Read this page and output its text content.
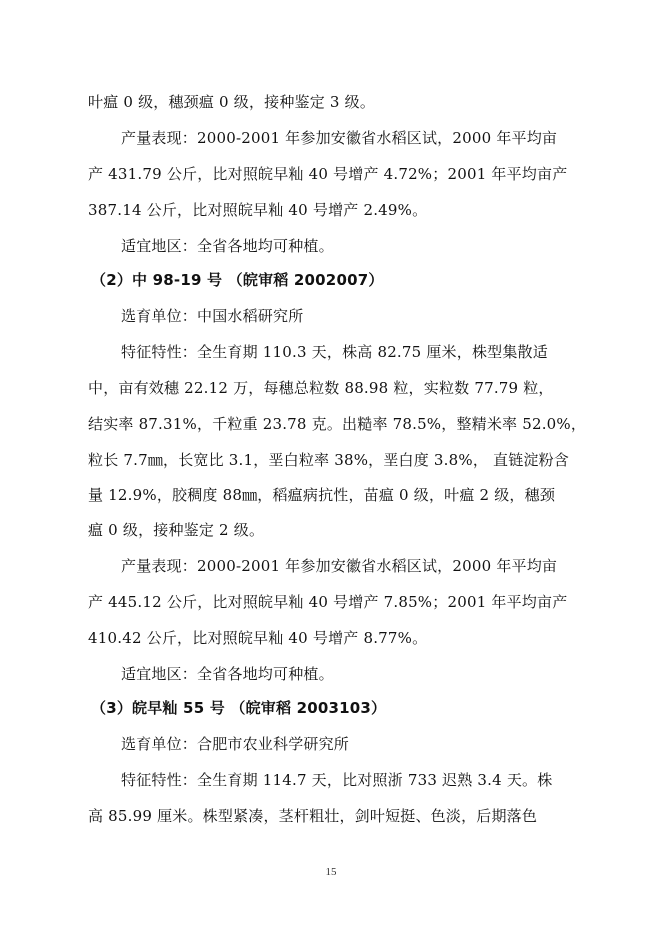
叶瘟 0 级，穗颈瘟 0 级，接种鉴定 3 级。
产量表现：2000-2001 年参加安徽省水稻区试，2000 年平均亩
产 431.79 公斤，比对照皖早籼 40 号增产 4.72%；2001 年平均亩产
387.14 公斤，比对照皖早籼 40 号增产 2.49%。
适宜地区：全省各地均可种植。
（2）中 98-19 号 （皖审稻 2002007）
选育单位：中国水稻研究所
特征特性：全生育期 110.3 天，株高 82.75 厘米，株型集散适
中，亩有效穗 22.12 万，每穗总粒数 88.98 粒，实粒数 77.79 粒，
结实率 87.31%，千粒重 23.78 克。出糙率 78.5%，整精米率 52.0%，
粒长 7.7㎜，长宽比 3.1，垩白粒率 38%，垩白度 3.8%， 直链淀粉含
量 12.9%，胶稠度 88㎜，稻瘟病抗性，苗瘟 0 级，叶瘟 2 级，穗颈
瘟 0 级，接种鉴定 2 级。
产量表现：2000-2001 年参加安徽省水稻区试，2000 年平均亩
产 445.12 公斤，比对照皖早籼 40 号增产 7.85%；2001 年平均亩产
410.42 公斤，比对照皖早籼 40 号增产 8.77%。
适宜地区：全省各地均可种植。
（3）皖早籼 55 号 （皖审稻 2003103）
选育单位：合肥市农业科学研究所
特征特性：全生育期 114.7 天，比对照浙 733 迟熟 3.4 天。株
高 85.99 厘米。株型紧凑，茎杆粗壮，剑叶短挺、色淡，后期落色
15
